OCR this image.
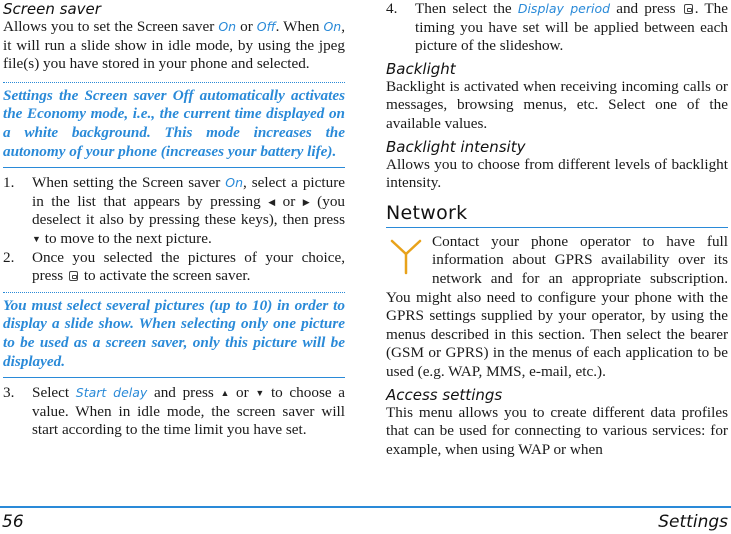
Screen saver

Allows you to set the Screen saver On or Off. When On, it will run a slide show in idle mode, by using the jpeg file(s) you have stored in your phone and selected.

Settings the Screen saver Off automatically activates the Economy mode, i.e., the current time displayed on a white background. This mode increases the autonomy of your phone (increases your battery life).
1. When setting the Screen saver On, select a picture in the list that appears by pressing ◀ or ▶ (you deselect it also by pressing these keys), then press ▼ to move to the next picture.
2. Once you selected the pictures of your choice, press  to activate the screen saver.
You must select several pictures (up to 10) in order to display a slide show. When selecting only one picture to be used as a screen saver, only this picture will be displayed.
3. Select Start delay and press ▲ or ▼ to choose a value. When in idle mode, the screen saver will start according to the time limit you have set.
4. Then select the Display period and press . The timing you have set will be applied between each picture of the slideshow.
Backlight

Backlight is activated when receiving incoming calls or messages, browsing menus, etc. Select one of the available values.

Backlight intensity

Allows you to choose from different levels of backlight intensity.

Network

Contact your phone operator to have full information about GPRS availability over its network and for an appropriate subscription. You might also need to configure your phone with the GPRS settings supplied by your operator, by using the menus described in this section. Then select the bearer (GSM or GPRS) in the menus of each application to be used (e.g. WAP, MMS, e-mail, etc.).

Access settings

This menu allows you to create different data profiles that can be used for connecting to various services: for example, when using WAP or when

56	Settings
